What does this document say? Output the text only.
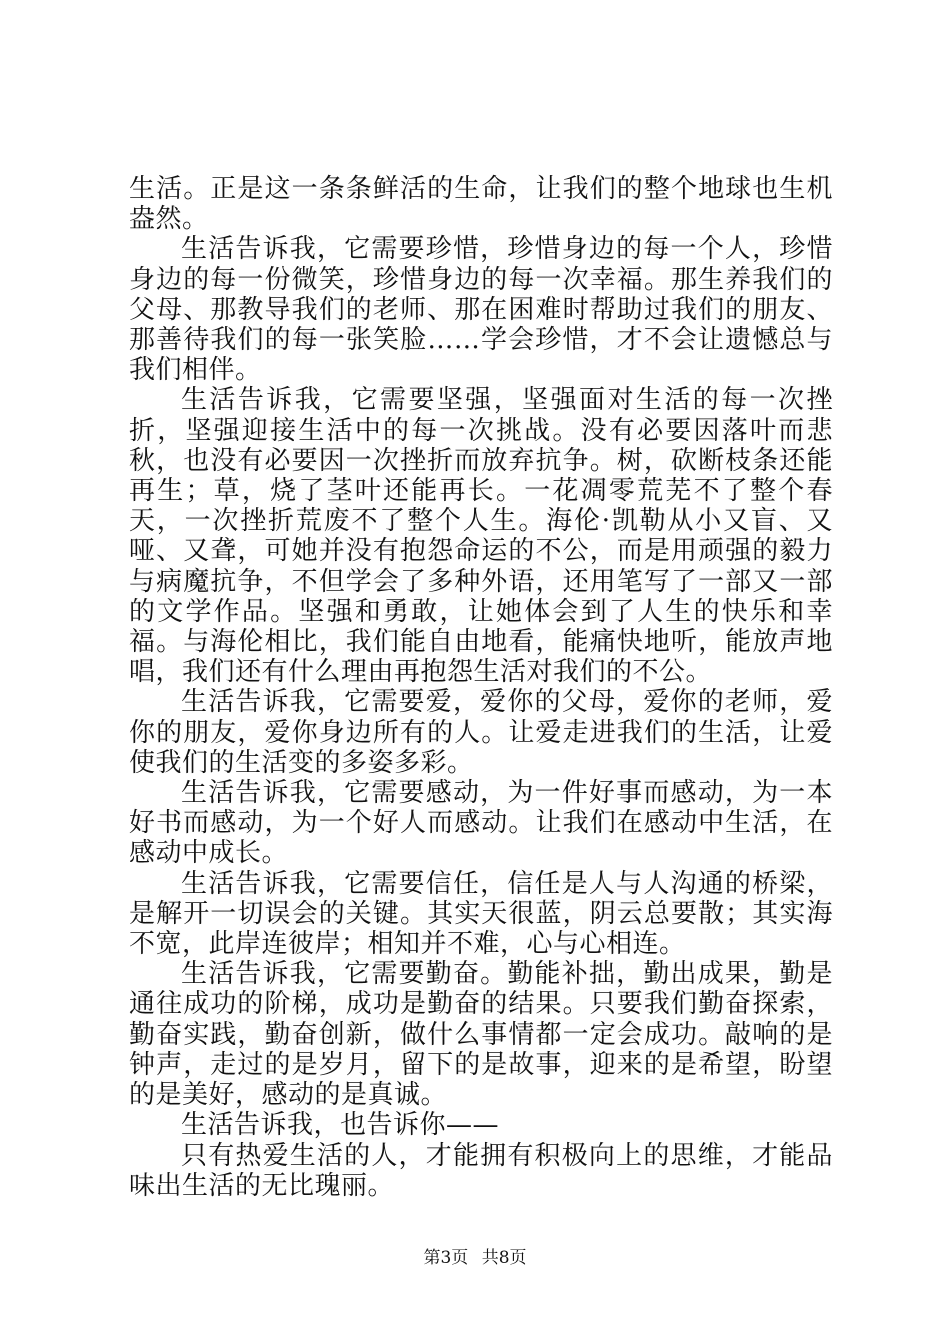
生活。正是这一条条鲜活的生命，让我们的整个地球也生机盎然。

生活告诉我，它需要珍惜，珍惜身边的每一个人，珍惜身边的每一份微笑，珍惜身边的每一次幸福。那生养我们的父母、那教导我们的老师、那在困难时帮助过我们的朋友、那善待我们的每一张笑脸……学会珍惜，才不会让遗憾总与我们相伴。

生活告诉我，它需要坚强，坚强面对生活的每一次挫折，坚强迎接生活中的每一次挑战。没有必要因落叶而悲秋，也没有必要因一次挫折而放弃抗争。树，砍断枝条还能再生；草，烧了茎叶还能再长。一花凋零荒芜不了整个春天，一次挫折荒废不了整个人生。海伦·凯勒从小又盲、又哑、又聋，可她并没有抱怨命运的不公，而是用顽强的毅力与病魔抗争，不但学会了多种外语，还用笔写了一部又一部的文学作品。坚强和勇敢，让她体会到了人生的快乐和幸福。与海伦相比，我们能自由地看，能痛快地听，能放声地唱，我们还有什么理由再抱怨生活对我们的不公。

生活告诉我，它需要爱，爱你的父母，爱你的老师，爱你的朋友，爱你身边所有的人。让爱走进我们的生活，让爱使我们的生活变的多姿多彩。

生活告诉我，它需要感动，为一件好事而感动，为一本好书而感动，为一个好人而感动。让我们在感动中生活，在感动中成长。

生活告诉我，它需要信任，信任是人与人沟通的桥梁，是解开一切误会的关键。其实天很蓝，阴云总要散；其实海不宽，此岸连彼岸；相知并不难，心与心相连。

生活告诉我，它需要勤奋。勤能补拙，勤出成果，勤是通往成功的阶梯，成功是勤奋的结果。只要我们勤奋探索，勤奋实践，勤奋创新，做什么事情都一定会成功。敲响的是钟声，走过的是岁月，留下的是故事，迎来的是希望，盼望的是美好，感动的是真诚。

生活告诉我，也告诉你——

只有热爱生活的人，才能拥有积极向上的思维，才能品味出生活的无比瑰丽。

第3页 共8页
